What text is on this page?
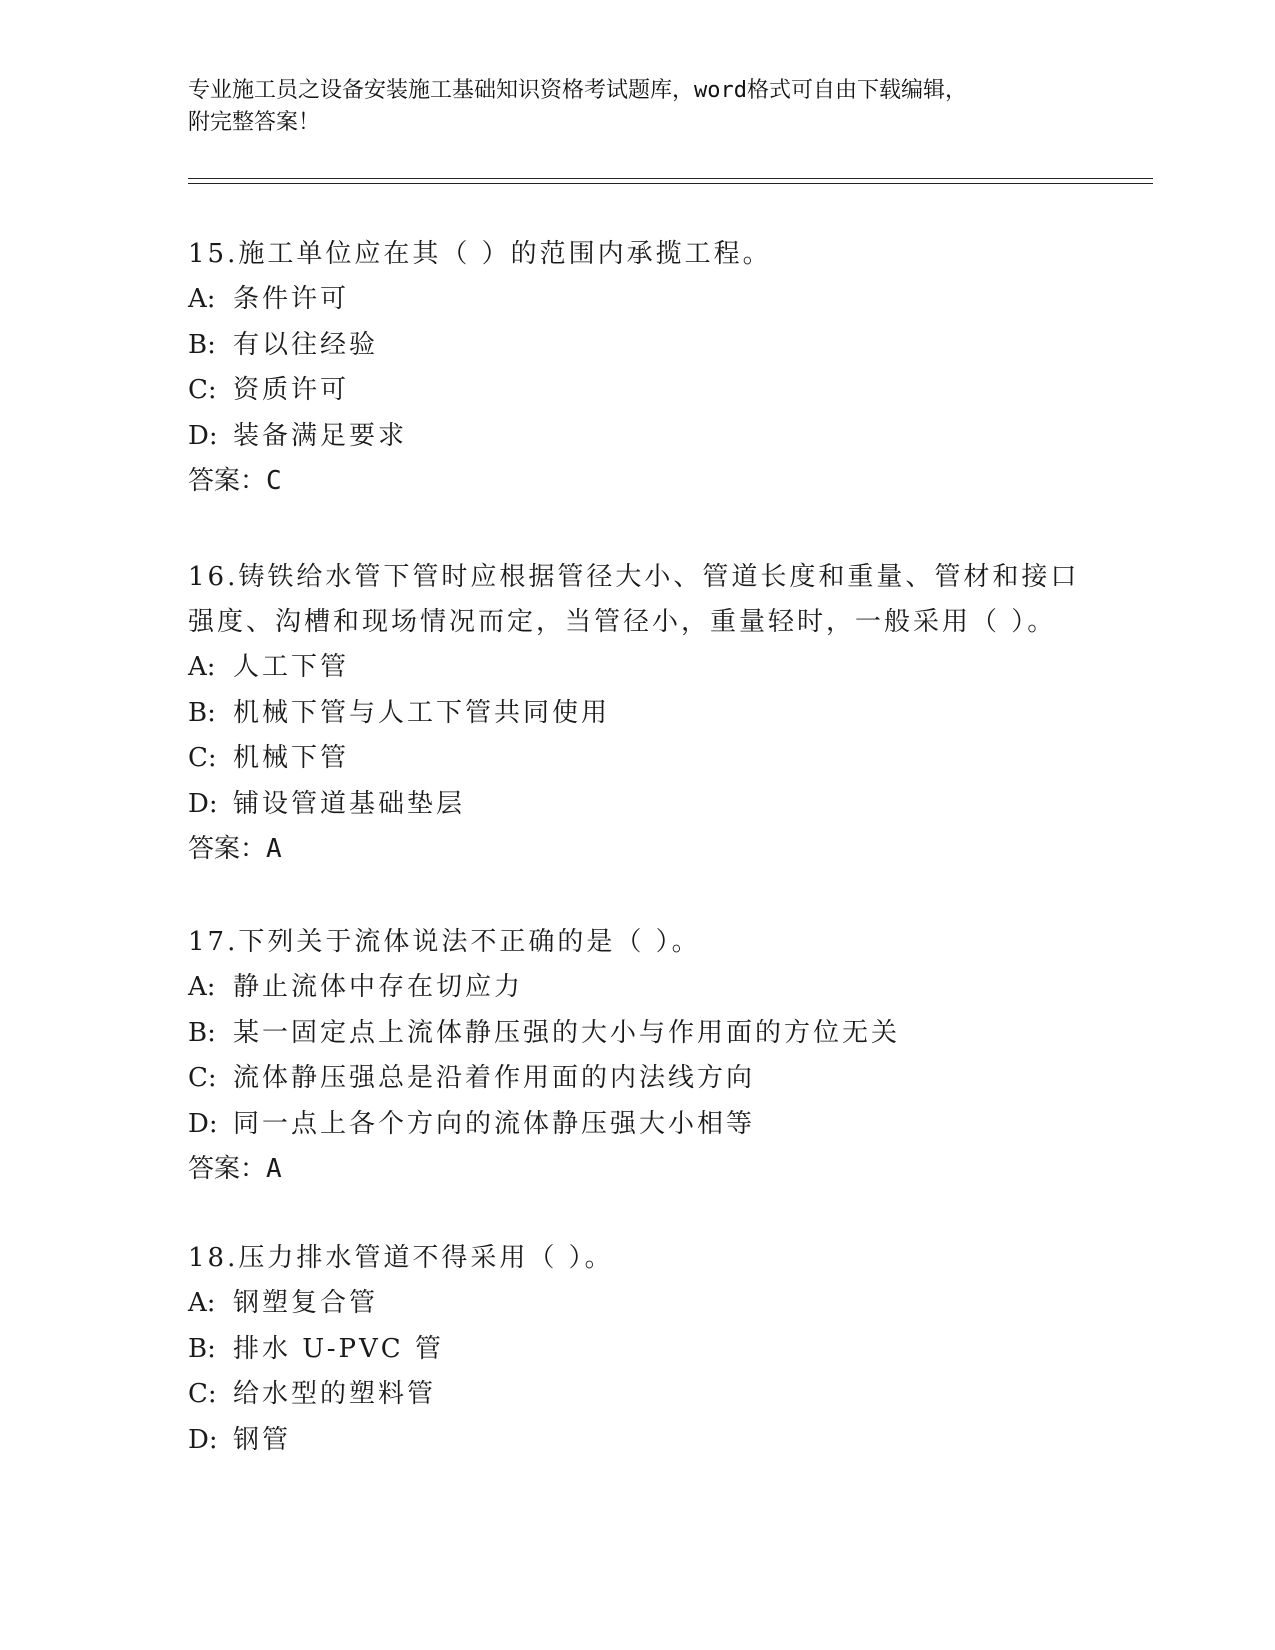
专业施工员之设备安装施工基础知识资格考试题库，word格式可自由下载编辑，
附完整答案！
15.施工单位应在其（ ）的范围内承揽工程。
A: 条件许可
B: 有以往经验
C: 资质许可
D: 装备满足要求
答案：C
16.铸铁给水管下管时应根据管径大小、管道长度和重量、管材和接口
强度、沟槽和现场情况而定，当管径小，重量轻时，一般采用（ ）。
A: 人工下管
B: 机械下管与人工下管共同使用
C: 机械下管
D: 铺设管道基础垫层
答案：A
17.下列关于流体说法不正确的是（ ）。
A: 静止流体中存在切应力
B: 某一固定点上流体静压强的大小与作用面的方位无关
C: 流体静压强总是沿着作用面的内法线方向
D: 同一点上各个方向的流体静压强大小相等
答案：A
18.压力排水管道不得采用（ ）。
A: 钢塑复合管
B: 排水 U-PVC 管
C: 给水型的塑料管
D: 钢管
